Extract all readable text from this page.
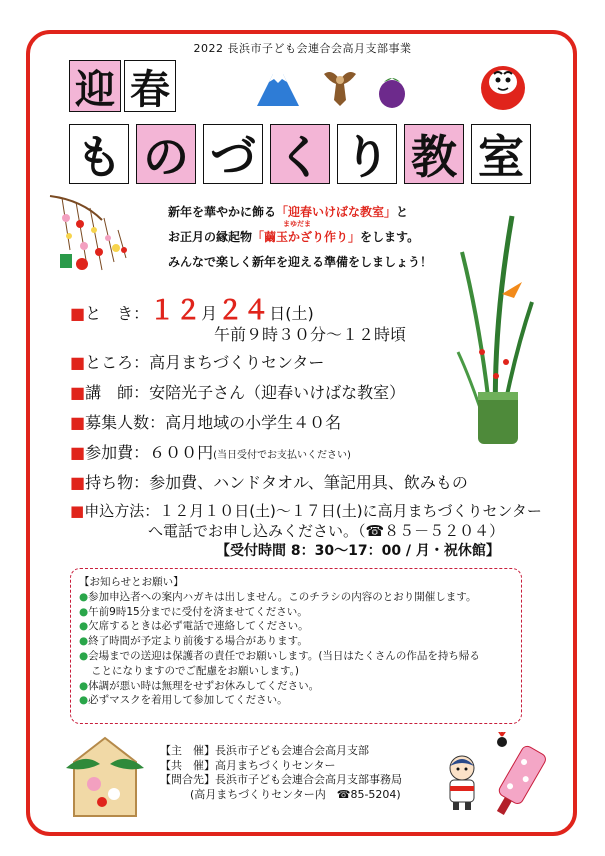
2022 長浜市子ども会連合会高月支部事業
迎 春
も の づ く り 教 室
新年を華やかに飾る「迎春いけばな教室」と
まゆだま
お正月の縁起物「繭玉かざり作り」をします。
みんなで楽しく新年を迎える準備をしましょう！
■と　き：１２月２４日(土)
午前９時３０分～１２時頃
■ところ：高月まちづくりセンター
■講　師：安陪光子さん（迎春いけばな教室）
■募集人数：高月地域の小学生４０名
■参加費：６００円(当日受付でお支払いください)
■持ち物：参加費、ハンドタオル、筆記用具、飲みもの
■申込方法：１２月１０日(土)～１７日(土)に高月まちづくりセンター
へ電話でお申し込みください。（☎８５－５２０４）
【受付時間 8：30～17：00 / 月・祝休館】
【お知らせとお願い】
● 参加申込者への案内ハガキは出しません。このチラシの内容のとおり開催します。
● 午前9時15分までに受付を済ませてください。
● 欠席するときは必ず電話で連絡してください。
● 終了時間が予定より前後する場合があります。
● 会場までの送迎は保護者の責任でお願いします。(当日はたくさんの作品を持ち帰る
ことになりますのでご配慮をお願いします。)
● 体調が悪い時は無理をせずお休みしてください。
● 必ずマスクを着用して参加してください。
【主　催】長浜市子ども会連合会高月支部
【共　催】高月まちづくりセンター
【問合先】長浜市子ども会連合会高月支部事務局
(高月まちづくりセンター内　☎85-5204)
